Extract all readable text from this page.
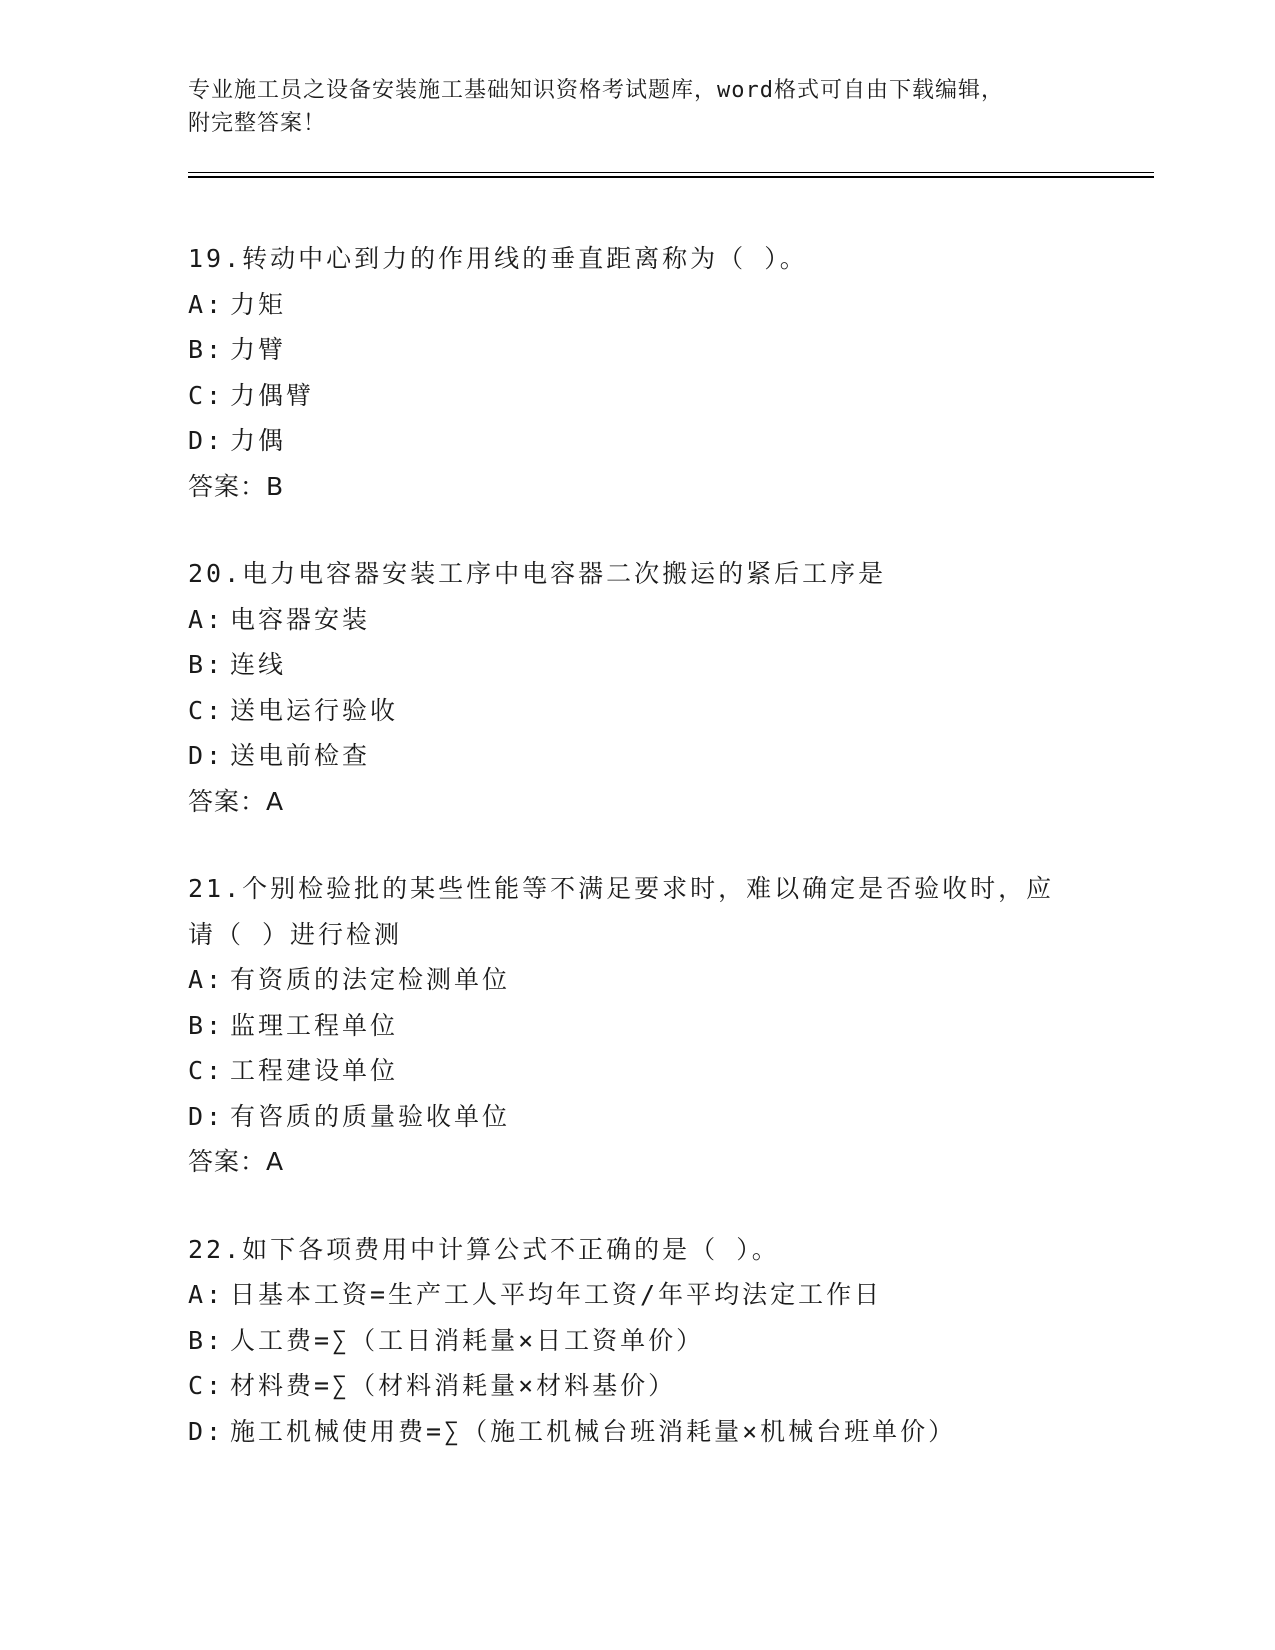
专业施工员之设备安装施工基础知识资格考试题库，word格式可自由下载编辑，
附完整答案！
19.转动中心到力的作用线的垂直距离称为（ ）。
A: 力矩
B: 力臂
C: 力偶臂
D: 力偶
答案：B
20.电力电容器安装工序中电容器二次搬运的紧后工序是
A: 电容器安装
B: 连线
C: 送电运行验收
D: 送电前检查
答案：A
21.个别检验批的某些性能等不满足要求时，难以确定是否验收时，应
请（ ）进行检测
A: 有资质的法定检测单位
B: 监理工程单位
C: 工程建设单位
D: 有咨质的质量验收单位
答案：A
22.如下各项费用中计算公式不正确的是（ ）。
A: 日基本工资=生产工人平均年工资/年平均法定工作日
B: 人工费=∑（工日消耗量×日工资单价）
C: 材料费=∑（材料消耗量×材料基价）
D: 施工机械使用费=∑（施工机械台班消耗量×机械台班单价）
